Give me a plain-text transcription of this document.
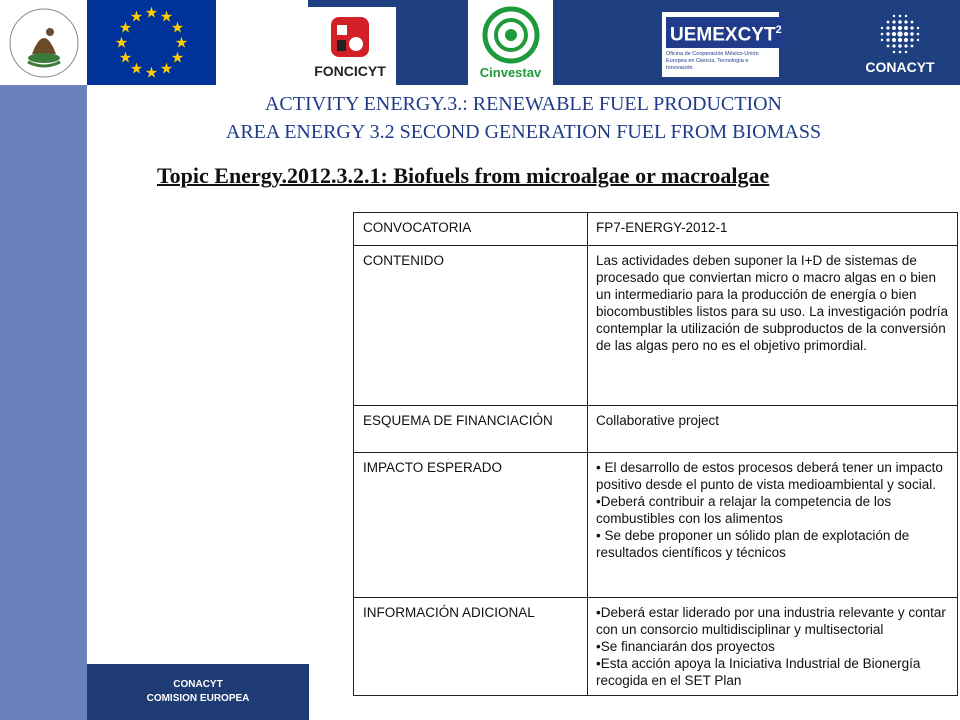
★ ★
★
★
★
★
★
★
★
★
★
★
FONCICYT	Cinvestav
UEMEXCYT$^2$
Oficina de Cooperación México-Unión Europea en Ciencia, Tecnología e Innovación	CONACYT
ACTIVITY ENERGY.3.: RENEWABLE FUEL PRODUCTION
AREA ENERGY 3.2 SECOND GENERATION FUEL FROM BIOMASS
Topic Energy.2012.3.2.1: Biofuels from microalgae or macroalgae
CONVOCATORIA	FP7-ENERGY-2012-1

CONTENIDO	Las actividades deben suponer la I+D de sistemas de procesado que conviertan micro o macro algas en o bien un intermediario para la producción de energía o bien biocombustibles listos para su uso. La investigación podría contemplar la utilización de subproductos de la conversión de las algas pero no es el objetivo primordial.

ESQUEMA DE FINANCIACIÓN	Collaborative project

IMPACTO ESPERADO	• El desarrollo de estos procesos deberá tener un impacto positivo desde el punto de vista medioambiental y social.
•Deberá contribuir a relajar la competencia de los combustibles con los alimentos
• Se debe proponer un sólido plan de explotación de resultados científicos y técnicos

INFORMACIÓN ADICIONAL	•Deberá estar liderado por una industria relevante y contar con un consorcio multidisciplinar y multisectorial
•Se financiarán dos proyectos
•Esta acción apoya la Iniciativa Industrial de Bionergía recogida en el SET Plan
CONACYT
COMISION EUROPEA
